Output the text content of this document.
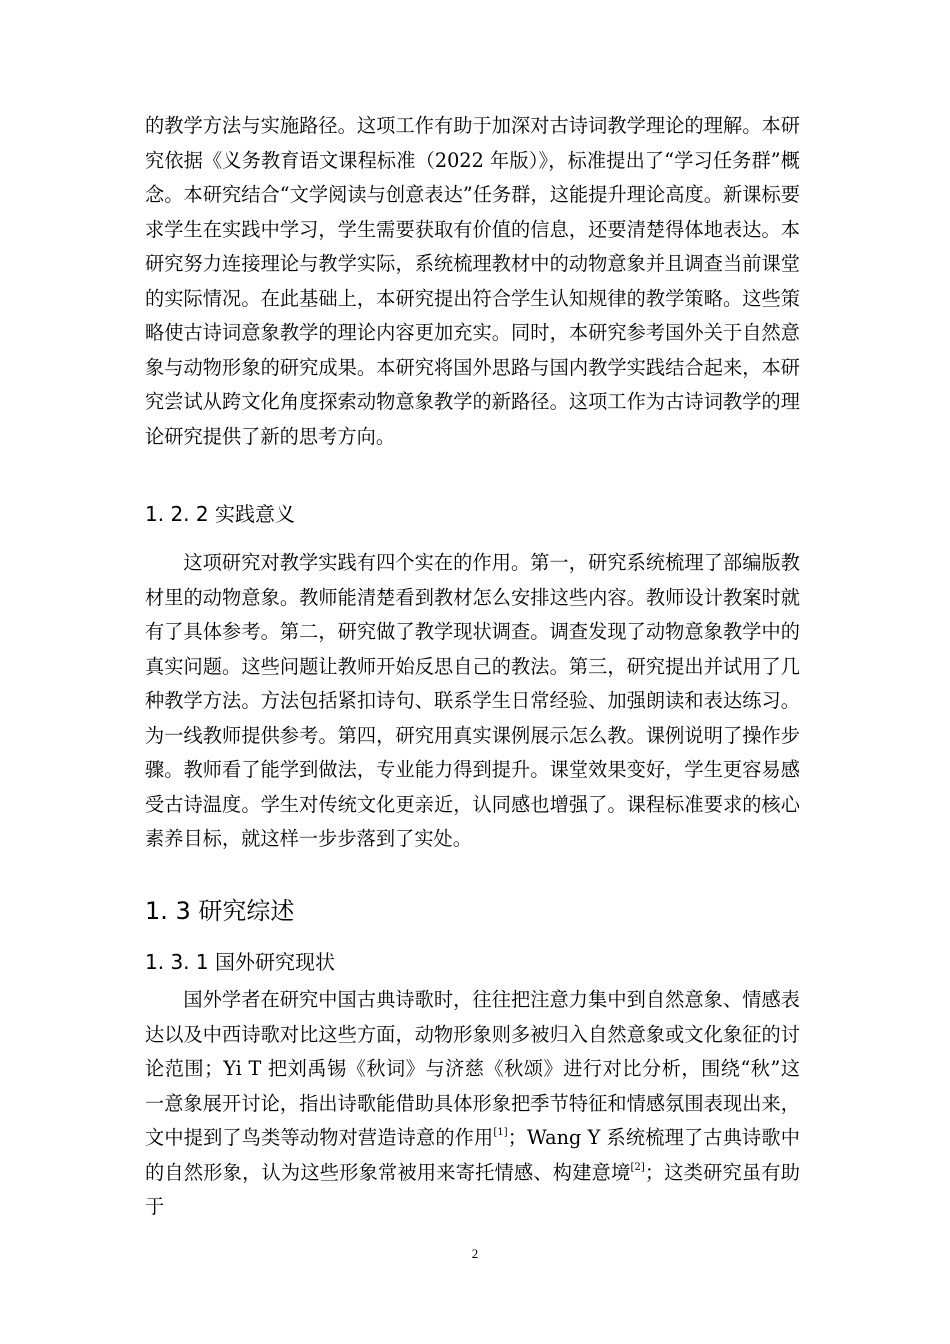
的教学方法与实施路径。这项工作有助于加深对古诗词教学理论的理解。本研究依据《义务教育语文课程标准（2022 年版）》，标准提出了“学习任务群”概念。本研究结合“文学阅读与创意表达”任务群，这能提升理论高度。新课标要求学生在实践中学习，学生需要获取有价值的信息，还要清楚得体地表达。本研究努力连接理论与教学实际，系统梳理教材中的动物意象并且调查当前课堂的实际情况。在此基础上，本研究提出符合学生认知规律的教学策略。这些策略使古诗词意象教学的理论内容更加充实。同时，本研究参考国外关于自然意象与动物形象的研究成果。本研究将国外思路与国内教学实践结合起来，本研究尝试从跨文化角度探索动物意象教学的新路径。这项工作为古诗词教学的理论研究提供了新的思考方向。

1. 2. 2 实践意义

这项研究对教学实践有四个实在的作用。第一，研究系统梳理了部编版教材里的动物意象。教师能清楚看到教材怎么安排这些内容。教师设计教案时就有了具体参考。第二，研究做了教学现状调查。调查发现了动物意象教学中的真实问题。这些问题让教师开始反思自己的教法。第三，研究提出并试用了几种教学方法。方法包括紧扣诗句、联系学生日常经验、加强朗读和表达练习。为一线教师提供参考。第四，研究用真实课例展示怎么教。课例说明了操作步骤。教师看了能学到做法，专业能力得到提升。课堂效果变好，学生更容易感受古诗温度。学生对传统文化更亲近，认同感也增强了。课程标准要求的核心素养目标，就这样一步步落到了实处。

1. 3 研究综述
1. 3. 1 国外研究现状

国外学者在研究中国古典诗歌时，往往把注意力集中到自然意象、情感表达以及中西诗歌对比这些方面，动物形象则多被归入自然意象或文化象征的讨论范围；Yi T 把刘禹锡《秋词》与济慈《秋颂》进行对比分析，围绕“秋”这一意象展开讨论，指出诗歌能借助具体形象把季节特征和情感氛围表现出来，文中提到了鸟类等动物对营造诗意的作用[1]；Wang Y 系统梳理了古典诗歌中的自然形象，认为这些形象常被用来寄托情感、构建意境[2]；这类研究虽有助于

2
